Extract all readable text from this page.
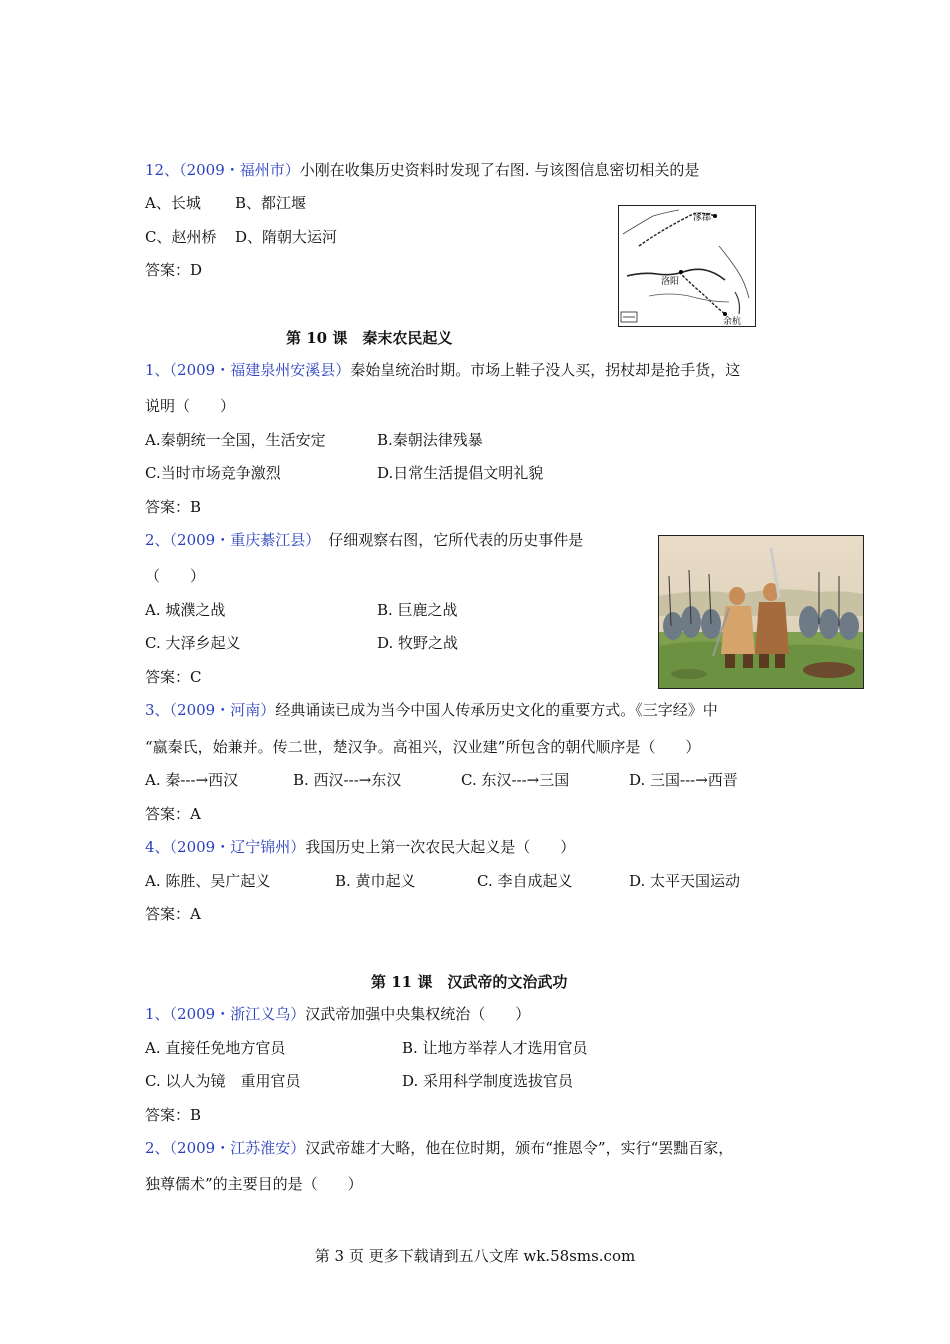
12、（2009・福州市）小刚在收集历史资料时发现了右图. 与该图信息密切相关的是
A、长城 B、都江堰
C、赵州桥 D、隋朝大运河
答案：D
涿郡
洛阳
余杭
第 10 课　秦末农民起义
1、（2009・福建泉州安溪县）秦始皇统治时期。市场上鞋子没人买，拐杖却是抢手货，这
说明（　　）
A.秦朝统一全国，生活安定	B.秦朝法律残暴
C.当时市场竞争激烈	D.日常生活提倡文明礼貌
答案：B
2、（2009・重庆綦江县） 仔细观察右图，它所代表的历史事件是
（　　）
A. 城濮之战	B. 巨鹿之战
C. 大泽乡起义	D. 牧野之战
答案：C
3、（2009・河南）经典诵读已成为当今中国人传承历史文化的重要方式。《三字经》中
“嬴秦氏，始兼并。传二世，楚汉争。高祖兴，汉业建”所包含的朝代顺序是（　　）
A. 秦---→西汉	B. 西汉---→东汉	C. 东汉---→三国	D. 三国---→西晋
答案：A
4、（2009・辽宁锦州）我国历史上第一次农民大起义是（　　）
A. 陈胜、吴广起义	B. 黄巾起义	C. 李自成起义	D. 太平天国运动
答案：A
第 11 课　汉武帝的文治武功
1、（2009・浙江义乌）汉武帝加强中央集权统治（　　）
A. 直接任免地方官员	B. 让地方举荐人才选用官员
C. 以人为镜　重用官员	D. 采用科学制度选拔官员
答案：B
2、（2009・江苏淮安）汉武帝雄才大略，他在位时期，颁布“推恩令”，实行“罢黜百家，
独尊儒术”的主要目的是（　　）
第 3 页 更多下载请到五八文库 wk.58sms.com
